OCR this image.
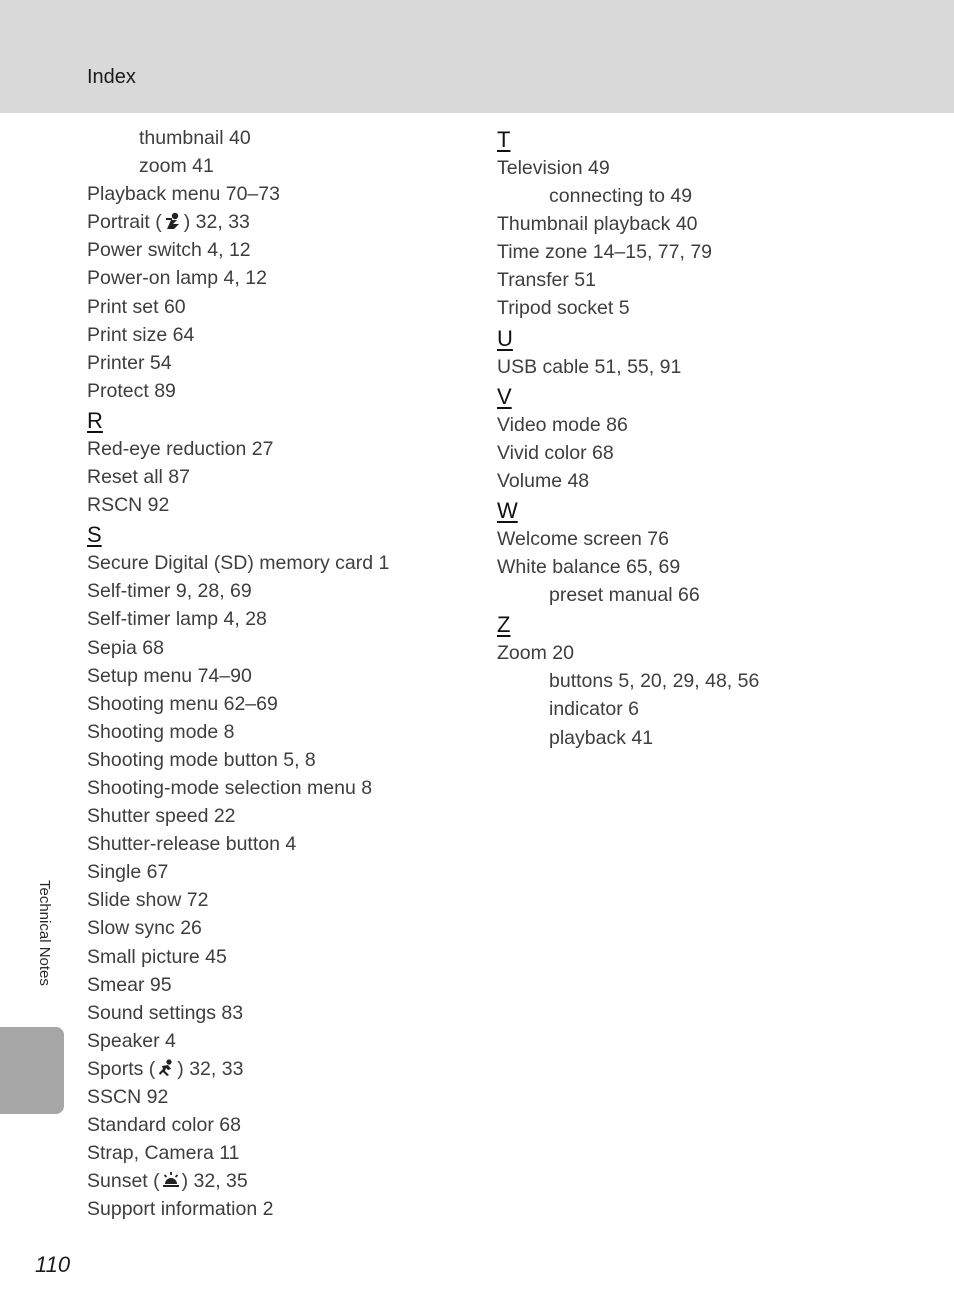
Index
thumbnail 40
zoom 41
Playback menu 70–73
Portrait ( ) 32, 33
Power switch 4, 12
Power-on lamp 4, 12
Print set 60
Print size 64
Printer 54
Protect 89
R
Red-eye reduction 27
Reset all 87
RSCN 92
S
Secure Digital (SD) memory card 1
Self-timer 9, 28, 69
Self-timer lamp 4, 28
Sepia 68
Setup menu 74–90
Shooting menu 62–69
Shooting mode 8
Shooting mode button 5, 8
Shooting-mode selection menu 8
Shutter speed 22
Shutter-release button 4
Single 67
Slide show 72
Slow sync 26
Small picture 45
Smear 95
Sound settings 83
Speaker 4
Sports ( ) 32, 33
SSCN 92
Standard color 68
Strap, Camera 11
Sunset ( ) 32, 35
Support information 2
T
Television 49
connecting to 49
Thumbnail playback 40
Time zone 14–15, 77, 79
Transfer 51
Tripod socket 5
U
USB cable 51, 55, 91
V
Video mode 86
Vivid color 68
Volume 48
W
Welcome screen 76
White balance 65, 69
preset manual 66
Z
Zoom 20
buttons 5, 20, 29, 48, 56
indicator 6
playback 41
Technical Notes
110
